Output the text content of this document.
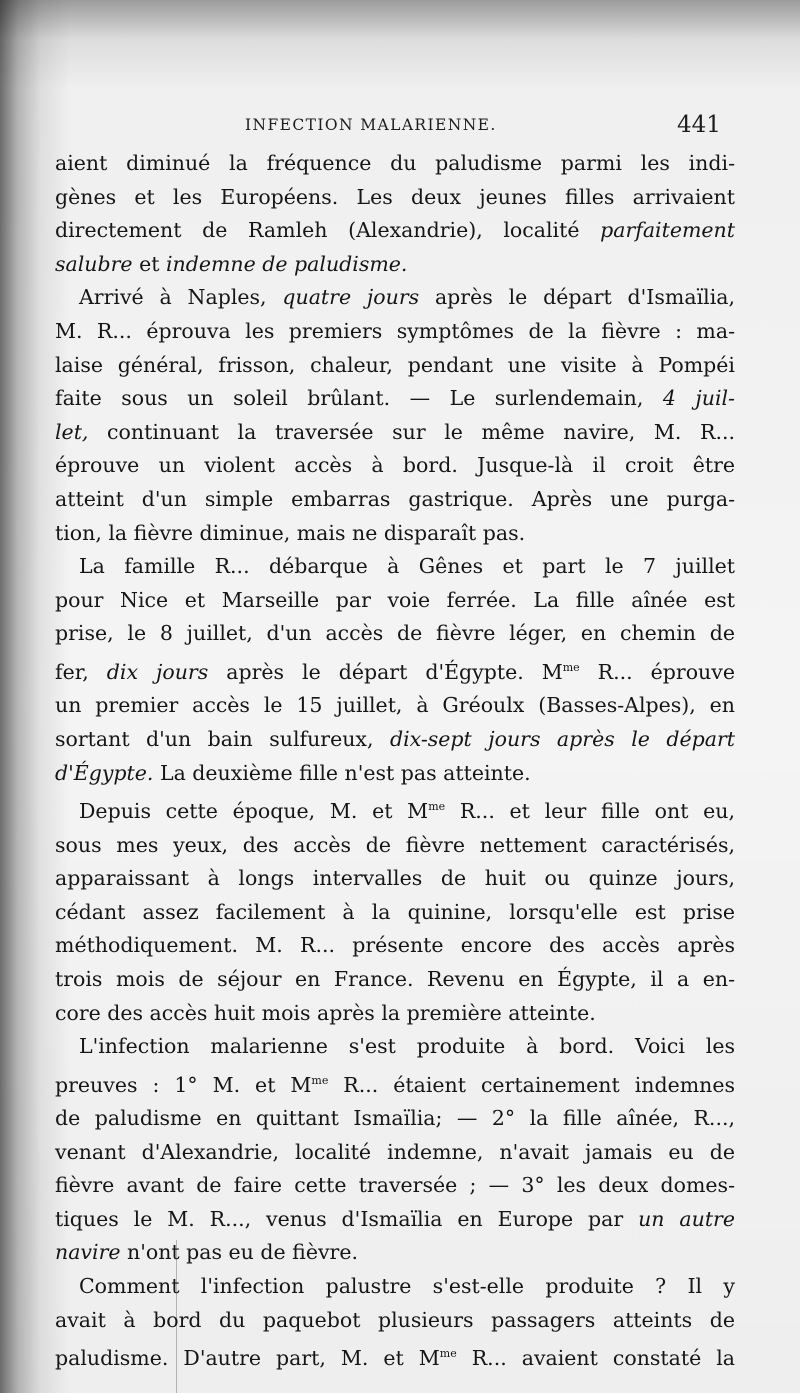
INFECTION MALARIENNE.	441
aient diminué la fréquence du paludisme parmi les indi-
gènes et les Européens. Les deux jeunes filles arrivaient
directement de Ramleh (Alexandrie), localité parfaitement
salubre et indemne de paludisme.
Arrivé à Naples, quatre jours après le départ d'Ismaïlia,
M. R... éprouva les premiers symptômes de la fièvre : ma-
laise général, frisson, chaleur, pendant une visite à Pompéi
faite sous un soleil brûlant. — Le surlendemain, 4 juil-
let, continuant la traversée sur le même navire, M. R...
éprouve un violent accès à bord. Jusque-là il croit être
atteint d'un simple embarras gastrique. Après une purga-
tion, la fièvre diminue, mais ne disparaît pas.
La famille R... débarque à Gênes et part le 7 juillet
pour Nice et Marseille par voie ferrée. La fille aînée est
prise, le 8 juillet, d'un accès de fièvre léger, en chemin de
fer, dix jours après le départ d'Égypte. $M^{me}$ R... éprouve
un premier accès le 15 juillet, à Gréoulx (Basses-Alpes), en
sortant d'un bain sulfureux, dix-sept jours après le départ
d'Égypte. La deuxième fille n'est pas atteinte.
Depuis cette époque, M. et $M^{me}$ R... et leur fille ont eu,
sous mes yeux, des accès de fièvre nettement caractérisés,
apparaissant à longs intervalles de huit ou quinze jours,
cédant assez facilement à la quinine, lorsqu'elle est prise
méthodiquement. M. R... présente encore des accès après
trois mois de séjour en France. Revenu en Égypte, il a en-
core des accès huit mois après la première atteinte.
L'infection malarienne s'est produite à bord. Voici les
preuves : 1° M. et $M^{me}$ R... étaient certainement indemnes
de paludisme en quittant Ismaïlia; — 2° la fille aînée, R...,
venant d'Alexandrie, localité indemne, n'avait jamais eu de
fièvre avant de faire cette traversée ; — 3° les deux domes-
tiques le M. R..., venus d'Ismaïlia en Europe par un autre
navire n'ont pas eu de fièvre.
Comment l'infection palustre s'est-elle produite ? Il y
avait à bord du paquebot plusieurs passagers atteints de
paludisme. D'autre part, M. et $M^{me}$ R... avaient constaté la
